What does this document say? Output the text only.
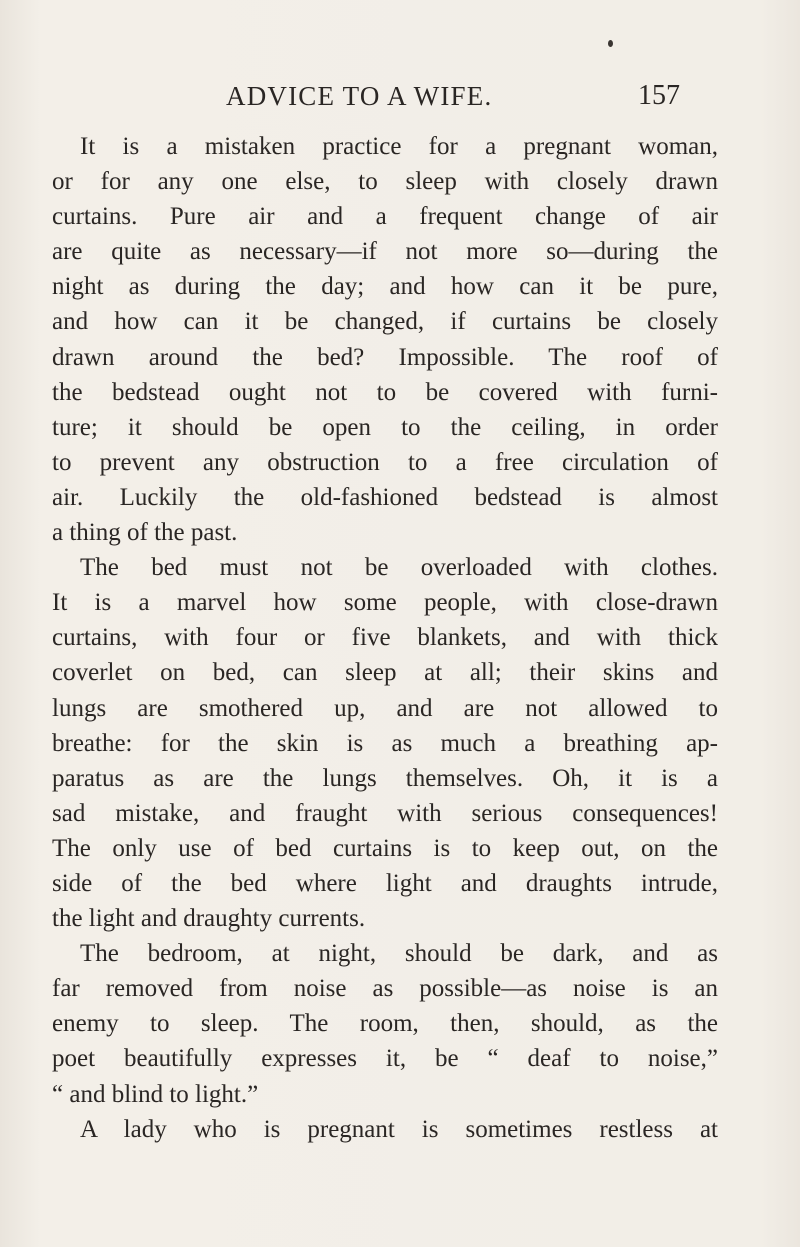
ADVICE TO A WIFE.	157
It is a mistaken practice for a pregnant woman,
or for any one else, to sleep with closely drawn
curtains. Pure air and a frequent change of air
are quite as necessary—if not more so—during the
night as during the day; and how can it be pure,
and how can it be changed, if curtains be closely
drawn around the bed? Impossible. The roof of
the bedstead ought not to be covered with furni-
ture; it should be open to the ceiling, in order
to prevent any obstruction to a free circulation of
air. Luckily the old-fashioned bedstead is almost
a thing of the past.
The bed must not be overloaded with clothes.
It is a marvel how some people, with close-drawn
curtains, with four or five blankets, and with thick
coverlet on bed, can sleep at all; their skins and
lungs are smothered up, and are not allowed to
breathe: for the skin is as much a breathing ap-
paratus as are the lungs themselves. Oh, it is a
sad mistake, and fraught with serious consequences!
The only use of bed curtains is to keep out, on the
side of the bed where light and draughts intrude,
the light and draughty currents.
The bedroom, at night, should be dark, and as
far removed from noise as possible—as noise is an
enemy to sleep. The room, then, should, as the
poet beautifully expresses it, be “ deaf to noise,”
“ and blind to light.”
A lady who is pregnant is sometimes restless at
